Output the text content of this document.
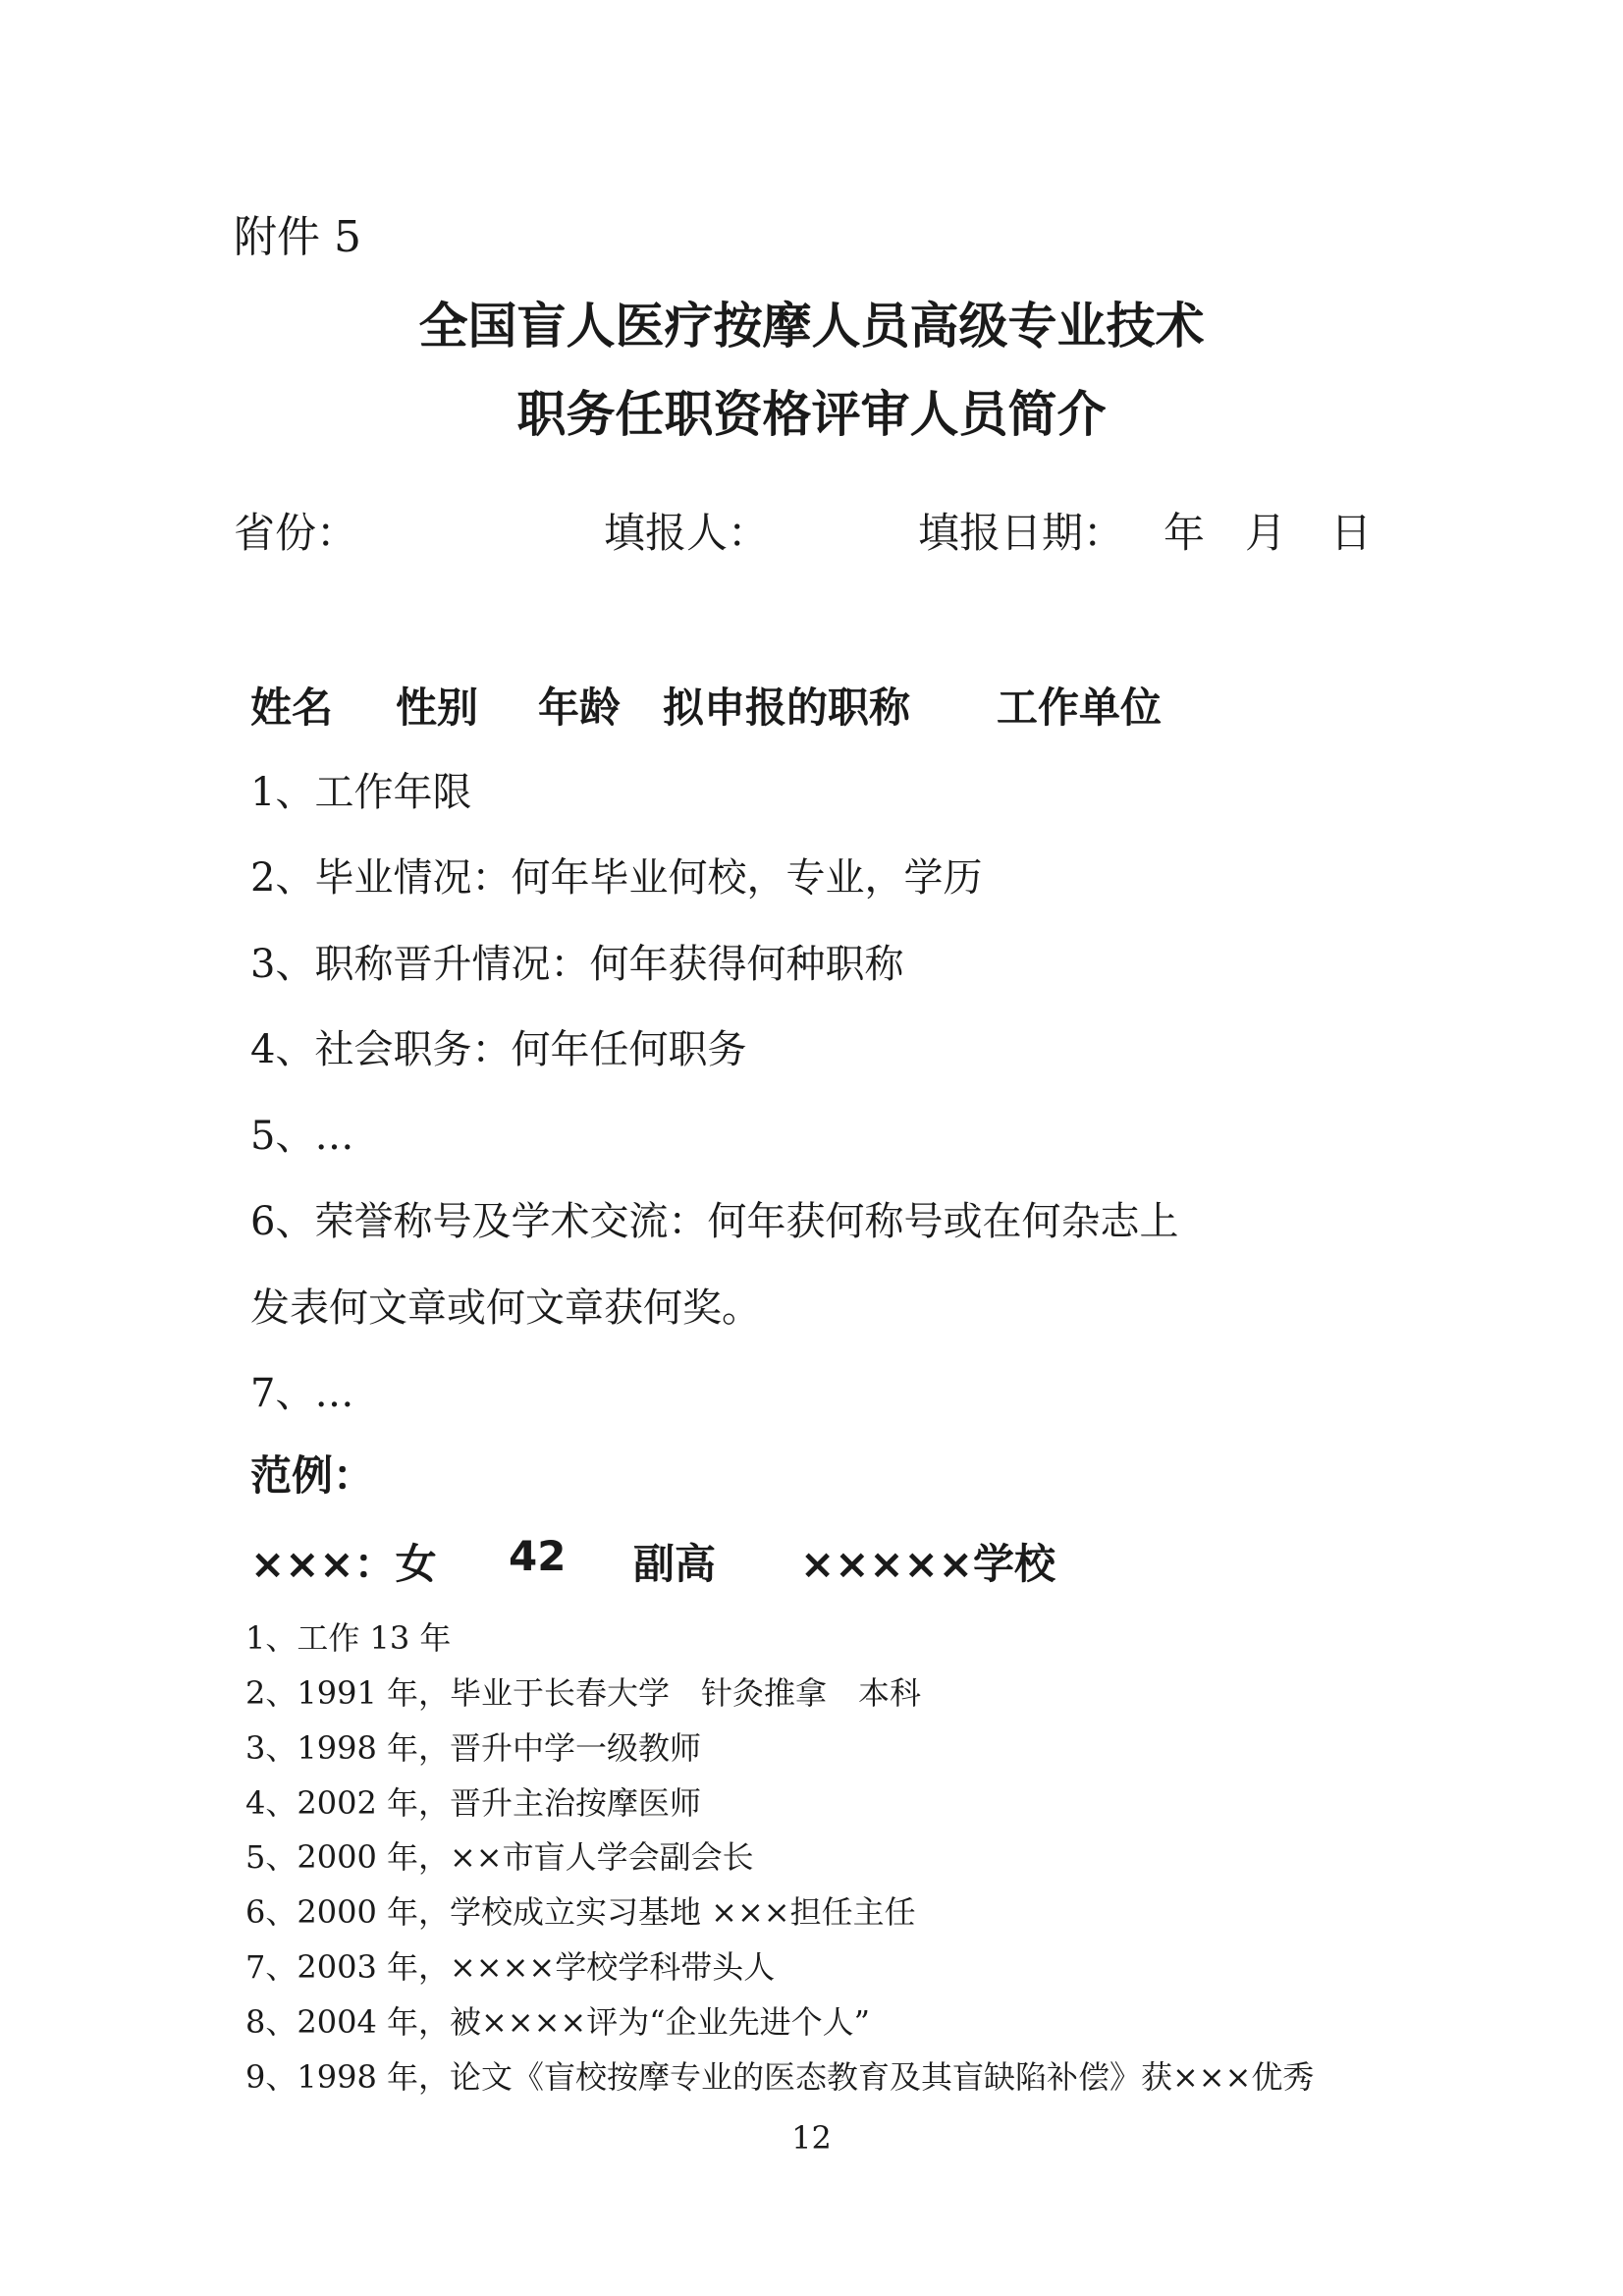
附件 5
全国盲人医疗按摩人员高级专业技术
职务任职资格评审人员简介
省份：	填报人：	填报日期： 年 月 日
姓名 性别 年龄 拟申报的职称 工作单位
1、工作年限
2、毕业情况：何年毕业何校，专业，学历
3、职称晋升情况：何年获得何种职称
4、社会职务：何年任何职务
5、…
6、荣誉称号及学术交流：何年获何称号或在何杂志上
发表何文章或何文章获何奖。
7、…
范例：
×××：女 42 副高 ×××××学校
1、工作 13 年
2、1991 年，毕业于长春大学　针灸推拿　本科
3、1998 年，晋升中学一级教师
4、2002 年，晋升主治按摩医师
5、2000 年，××市盲人学会副会长
6、2000 年，学校成立实习基地 ×××担任主任
7、2003 年，××××学校学科带头人
8、2004 年，被××××评为“企业先进个人”
9、1998 年，论文《盲校按摩专业的医态教育及其盲缺陷补偿》获×××优秀
12
